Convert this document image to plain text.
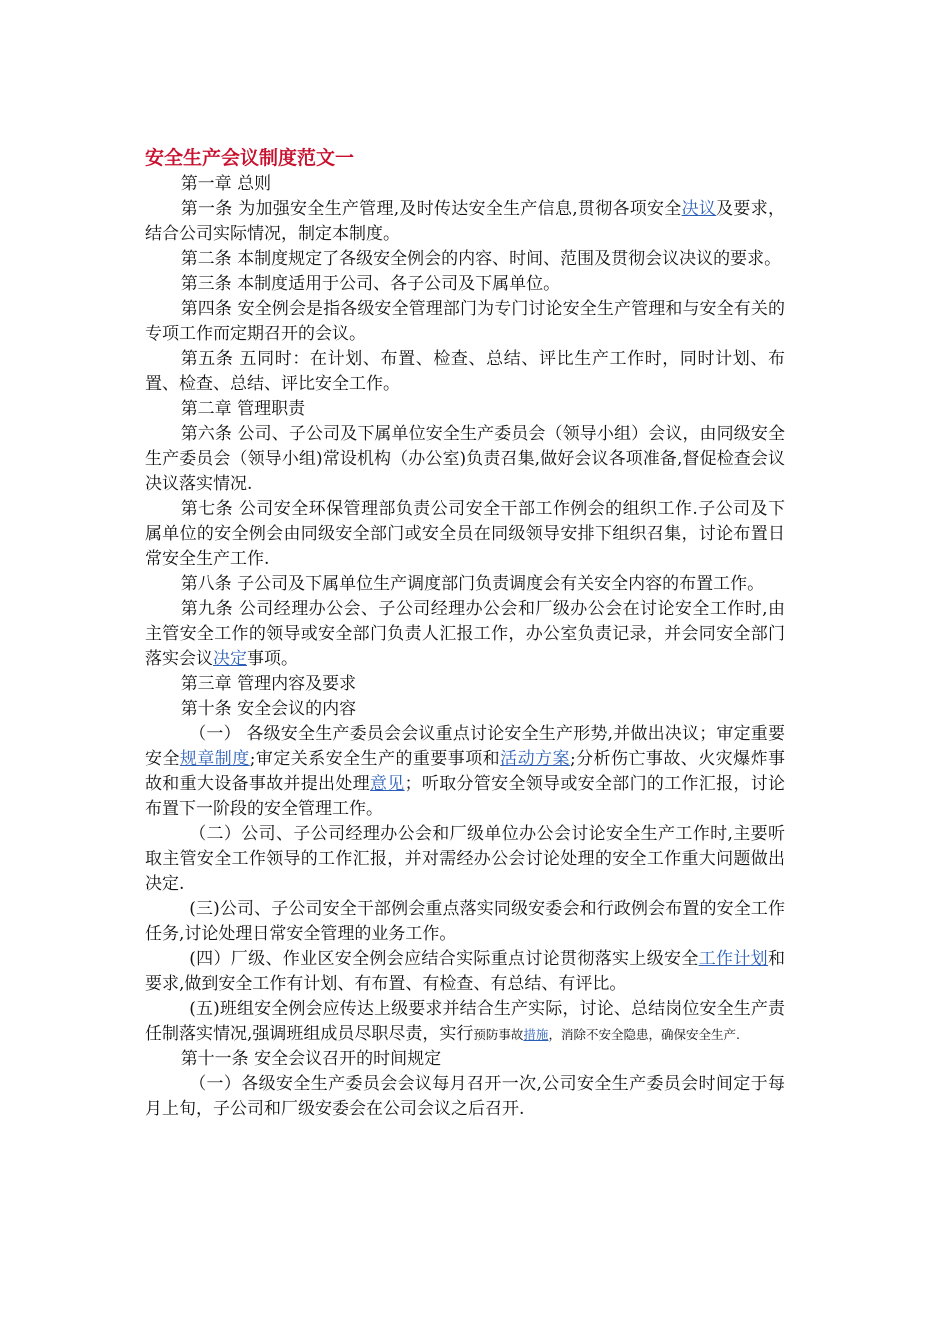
安全生产会议制度范文一

第一章 总则

第一条 为加强安全生产管理,及时传达安全生产信息,贯彻各项安全决议及要求，结合公司实际情况，制定本制度。

第二条 本制度规定了各级安全例会的内容、时间、范围及贯彻会议决议的要求。

第三条 本制度适用于公司、各子公司及下属单位。

第四条 安全例会是指各级安全管理部门为专门讨论安全生产管理和与安全有关的专项工作而定期召开的会议。

第五条 五同时：在计划、布置、检查、总结、评比生产工作时，同时计划、布置、检查、总结、评比安全工作。

第二章 管理职责

第六条 公司、子公司及下属单位安全生产委员会（领导小组）会议，由同级安全生产委员会（领导小组)常设机构（办公室)负责召集,做好会议各项准备,督促检查会议决议落实情况.

第七条 公司安全环保管理部负责公司安全干部工作例会的组织工作.子公司及下属单位的安全例会由同级安全部门或安全员在同级领导安排下组织召集，讨论布置日常安全生产工作.

第八条 子公司及下属单位生产调度部门负责调度会有关安全内容的布置工作。

第九条 公司经理办公会、子公司经理办公会和厂级办公会在讨论安全工作时,由主管安全工作的领导或安全部门负责人汇报工作，办公室负责记录，并会同安全部门落实会议决定事项。

第三章 管理内容及要求

第十条 安全会议的内容

（一） 各级安全生产委员会会议重点讨论安全生产形势,并做出决议；审定重要安全规章制度;审定关系安全生产的重要事项和活动方案;分析伤亡事故、火灾爆炸事故和重大设备事故并提出处理意见；听取分管安全领导或安全部门的工作汇报，讨论布置下一阶段的安全管理工作。

（二）公司、子公司经理办公会和厂级单位办公会讨论安全生产工作时,主要听取主管安全工作领导的工作汇报，并对需经办公会讨论处理的安全工作重大问题做出决定.

(三)公司、子公司安全干部例会重点落实同级安委会和行政例会布置的安全工作任务,讨论处理日常安全管理的业务工作。

(四）厂级、作业区安全例会应结合实际重点讨论贯彻落实上级安全工作计划和要求,做到安全工作有计划、有布置、有检查、有总结、有评比。

(五)班组安全例会应传达上级要求并结合生产实际，讨论、总结岗位安全生产责任制落实情况,强调班组成员尽职尽责，实行预防事故措施，消除不安全隐患，确保安全生产.

第十一条 安全会议召开的时间规定

（一）各级安全生产委员会会议每月召开一次,公司安全生产委员会时间定于每月上旬，子公司和厂级安委会在公司会议之后召开.
